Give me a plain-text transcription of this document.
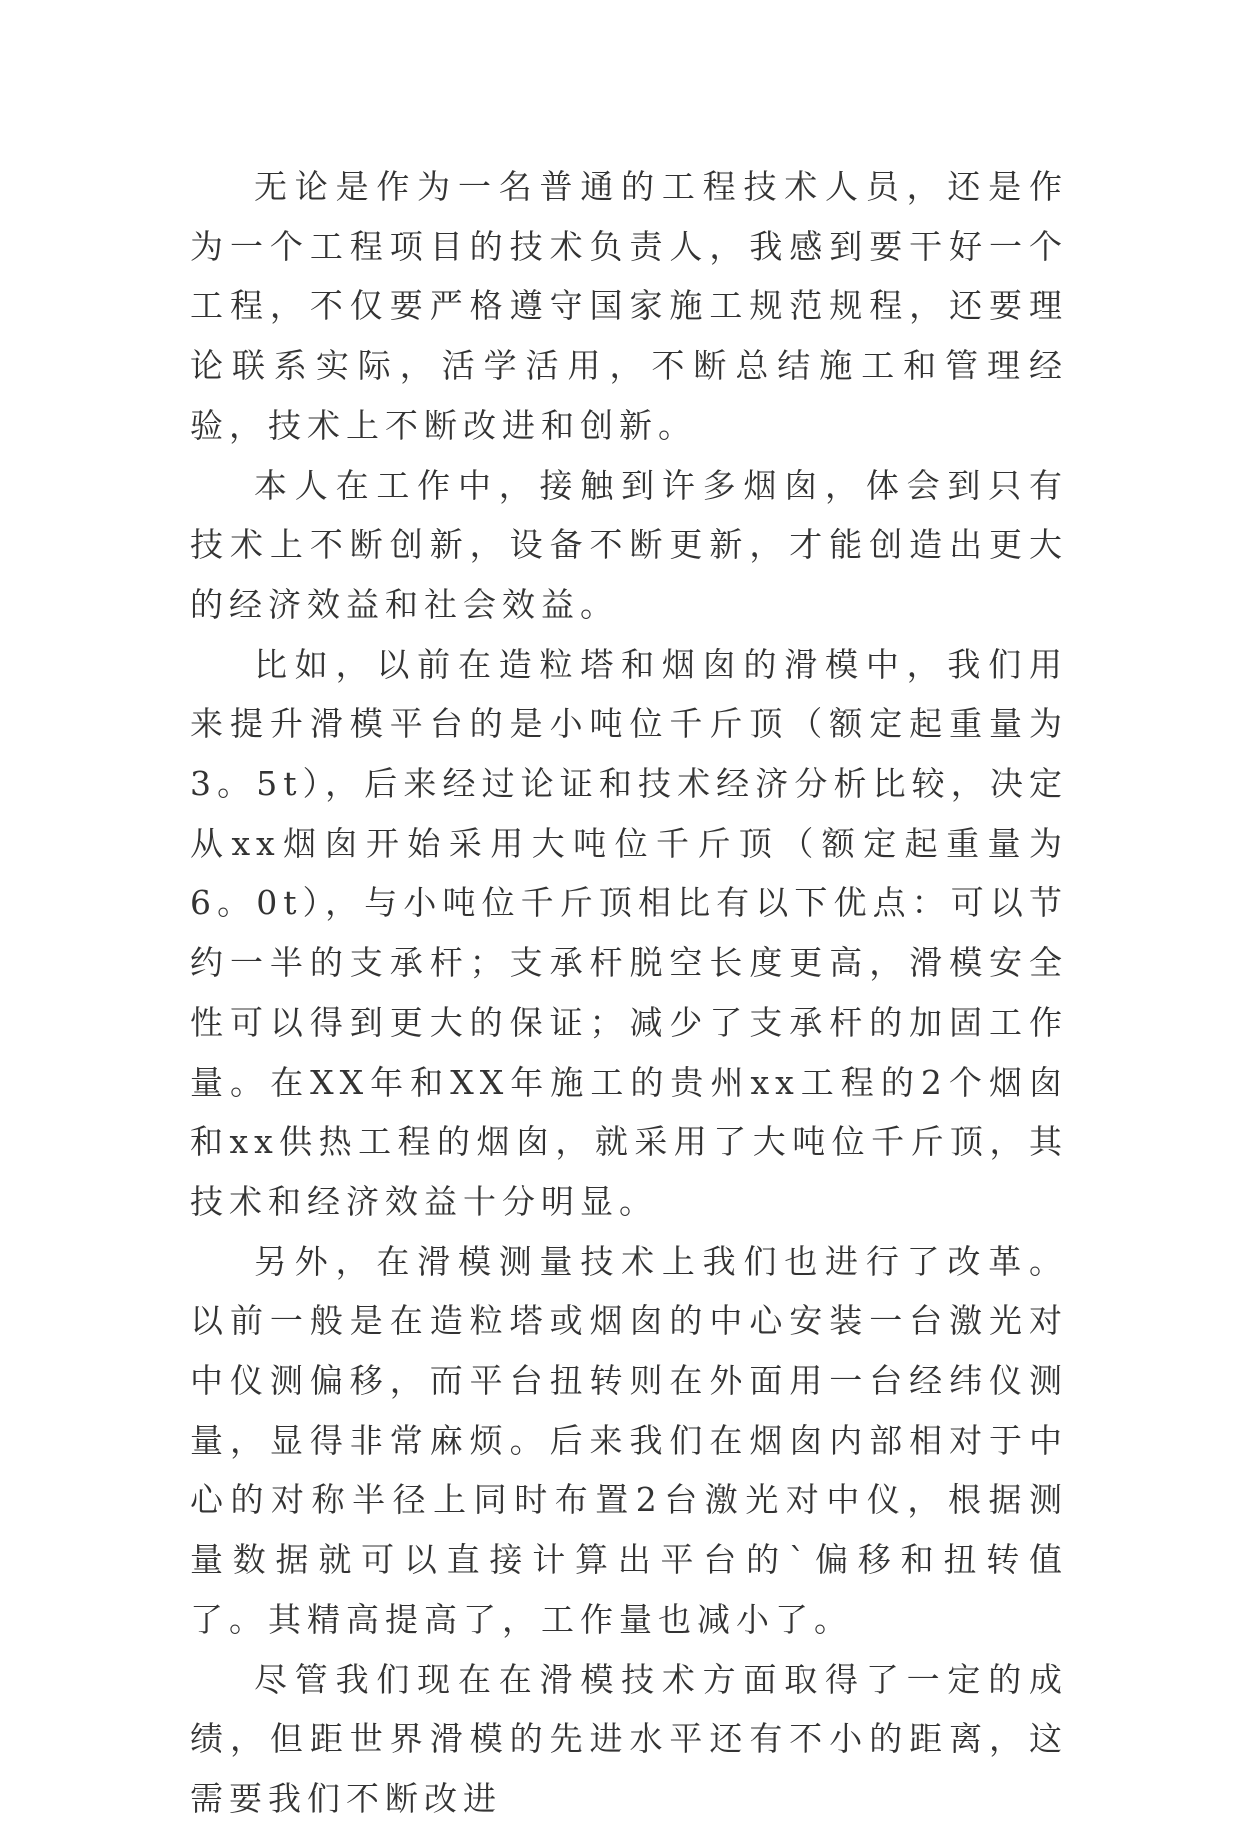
无论是作为一名普通的工程技术人员，还是作为一个工程项目的技术负责人，我感到要干好一个工程，不仅要严格遵守国家施工规范规程，还要理论联系实际，活学活用，不断总结施工和管理经验，技术上不断改进和创新。

本人在工作中，接触到许多烟囱，体会到只有技术上不断创新，设备不断更新，才能创造出更大的经济效益和社会效益。

比如，以前在造粒塔和烟囱的滑模中，我们用来提升滑模平台的是小吨位千斤顶（额定起重量为3。5t），后来经过论证和技术经济分析比较，决定从xx烟囱开始采用大吨位千斤顶（额定起重量为6。0t），与小吨位千斤顶相比有以下优点：可以节约一半的支承杆；支承杆脱空长度更高，滑模安全性可以得到更大的保证；减少了支承杆的加固工作量。在XX年和XX年施工的贵州xx工程的2个烟囱和xx供热工程的烟囱，就采用了大吨位千斤顶，其技术和经济效益十分明显。

另外，在滑模测量技术上我们也进行了改革。以前一般是在造粒塔或烟囱的中心安装一台激光对中仪测偏移，而平台扭转则在外面用一台经纬仪测量，显得非常麻烦。后来我们在烟囱内部相对于中心的对称半径上同时布置2台激光对中仪，根据测量数据就可以直接计算出平台的`偏移和扭转值了。其精高提高了，工作量也减小了。

尽管我们现在在滑模技术方面取得了一定的成绩，但距世界滑模的先进水平还有不小的距离，这需要我们不断改进
